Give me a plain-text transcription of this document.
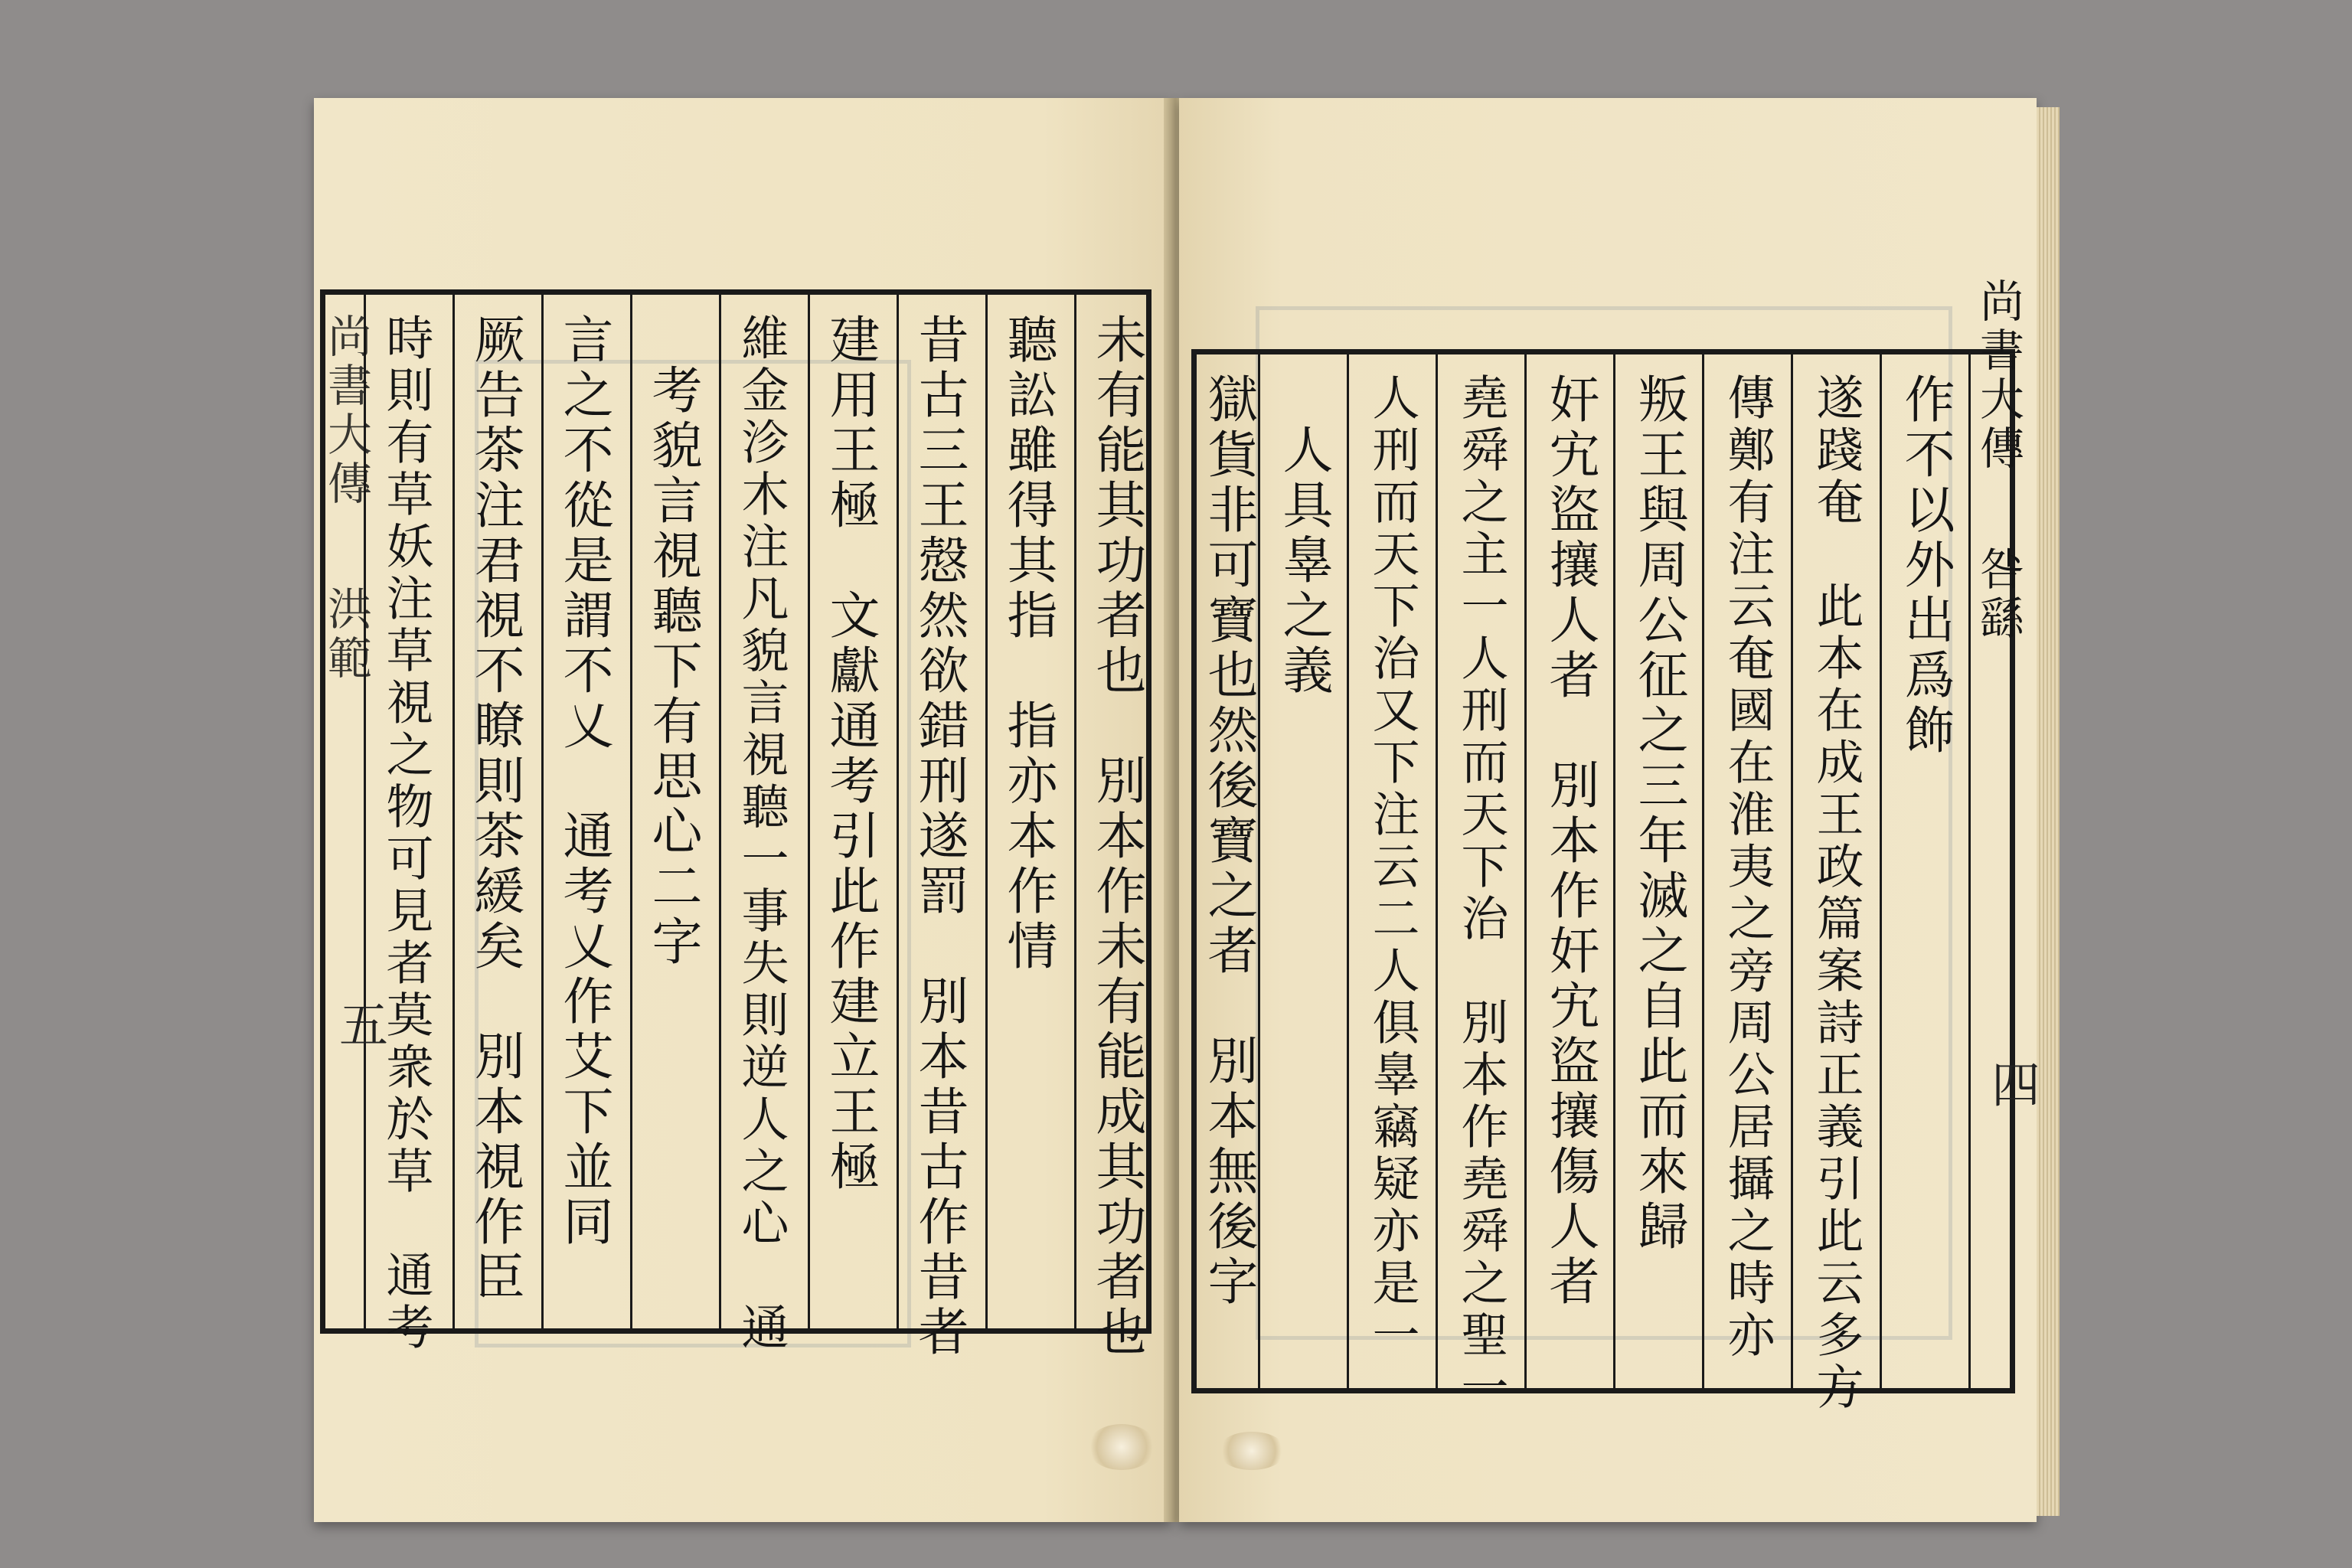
未有能其功者也　別本作未有能成其功者也
聽訟雖得其指　指亦本作情
昔古三王慤然欲錯刑遂罰　別本昔古作昔者
建用王極　文獻通考引此作建立王極
維金沴木注凡貌言視聽一事失則逆人之心　通
考貌言視聽下有思心二字
言之不從是謂不乂　通考乂作艾下並同
厥告茶注君視不瞭則茶緩矣　別本視作臣
時則有草妖注草視之物可見者莫衆於草　通考
尚書大傳
洪範
五
作不以外出爲飾
遂踐奄　此本在成王政篇案詩正義引此云多方
傳鄭有注云奄國在淮夷之旁周公居攝之時亦
叛王與周公征之三年滅之自此而來歸
奸宄盜攘人者　別本作奸宄盜攘傷人者
堯舜之主一人刑而天下治　別本作堯舜之聖一
人刑而天下治又下注云二人俱辠竊疑亦是一
人具辠之義
獄貨非可寶也然後寶之者　別本無後字	尚書大傳
咎繇
四
